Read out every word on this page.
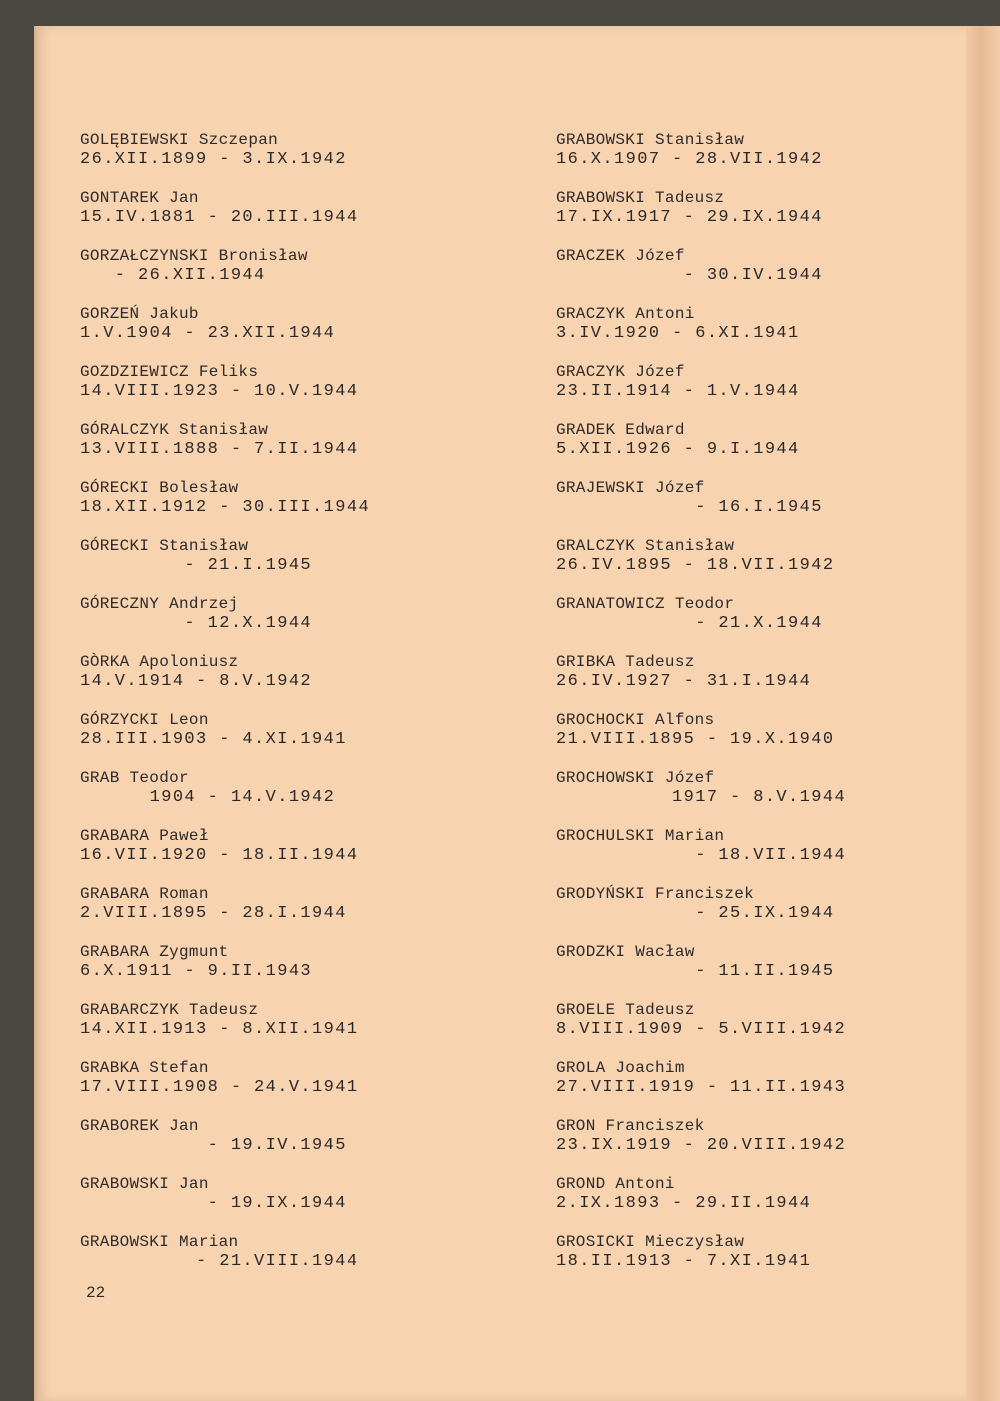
GOLĘBIEWSKI Szczepan
26.XII.1899 - 3.IX.1942
GONTAREK Jan
15.IV.1881 - 20.III.1944
GORZAŁCZYNSKI Bronisław
- 26.XII.1944
GORZEŃ Jakub
1.V.1904 - 23.XII.1944
GOZDZIEWICZ Feliks
14.VIII.1923 - 10.V.1944
GÓRALCZYK Stanisław
13.VIII.1888 - 7.II.1944
GÓRECKI Bolesław
18.XII.1912 - 30.III.1944
GÓRECKI Stanisław
- 21.I.1945
GÓRECZNY Andrzej
- 12.X.1944
GÒRKA Apoloniusz
14.V.1914 - 8.V.1942
GÓRZYCKI Leon
28.III.1903 - 4.XI.1941
GRAB Teodor
1904 - 14.V.1942
GRABARA Paweł
16.VII.1920 - 18.II.1944
GRABARA Roman
2.VIII.1895 - 28.I.1944
GRABARA Zygmunt
6.X.1911 - 9.II.1943
GRABARCZYK Tadeusz
14.XII.1913 - 8.XII.1941
GRABKA Stefan
17.VIII.1908 - 24.V.1941
GRABOREK Jan
- 19.IV.1945
GRABOWSKI Jan
- 19.IX.1944
GRABOWSKI Marian
- 21.VIII.1944
GRABOWSKI Stanisław
16.X.1907 - 28.VII.1942
GRABOWSKI Tadeusz
17.IX.1917 - 29.IX.1944
GRACZEK Józef
- 30.IV.1944
GRACZYK Antoni
3.IV.1920 - 6.XI.1941
GRACZYK Józef
23.II.1914 - 1.V.1944
GRADEK Edward
5.XII.1926 - 9.I.1944
GRAJEWSKI Józef
- 16.I.1945
GRALCZYK Stanisław
26.IV.1895 - 18.VII.1942
GRANATOWICZ Teodor
- 21.X.1944
GRIBKA Tadeusz
26.IV.1927 - 31.I.1944
GROCHOCKI Alfons
21.VIII.1895 - 19.X.1940
GROCHOWSKI Józef
1917 - 8.V.1944
GROCHULSKI Marian
- 18.VII.1944
GRODYŃSKI Franciszek
- 25.IX.1944
GRODZKI Wacław
- 11.II.1945
GROELE Tadeusz
8.VIII.1909 - 5.VIII.1942
GROLA Joachim
27.VIII.1919 - 11.II.1943
GRON Franciszek
23.IX.1919 - 20.VIII.1942
GROND Antoni
2.IX.1893 - 29.II.1944
GROSICKI Mieczysław
18.II.1913 - 7.XI.1941
22
